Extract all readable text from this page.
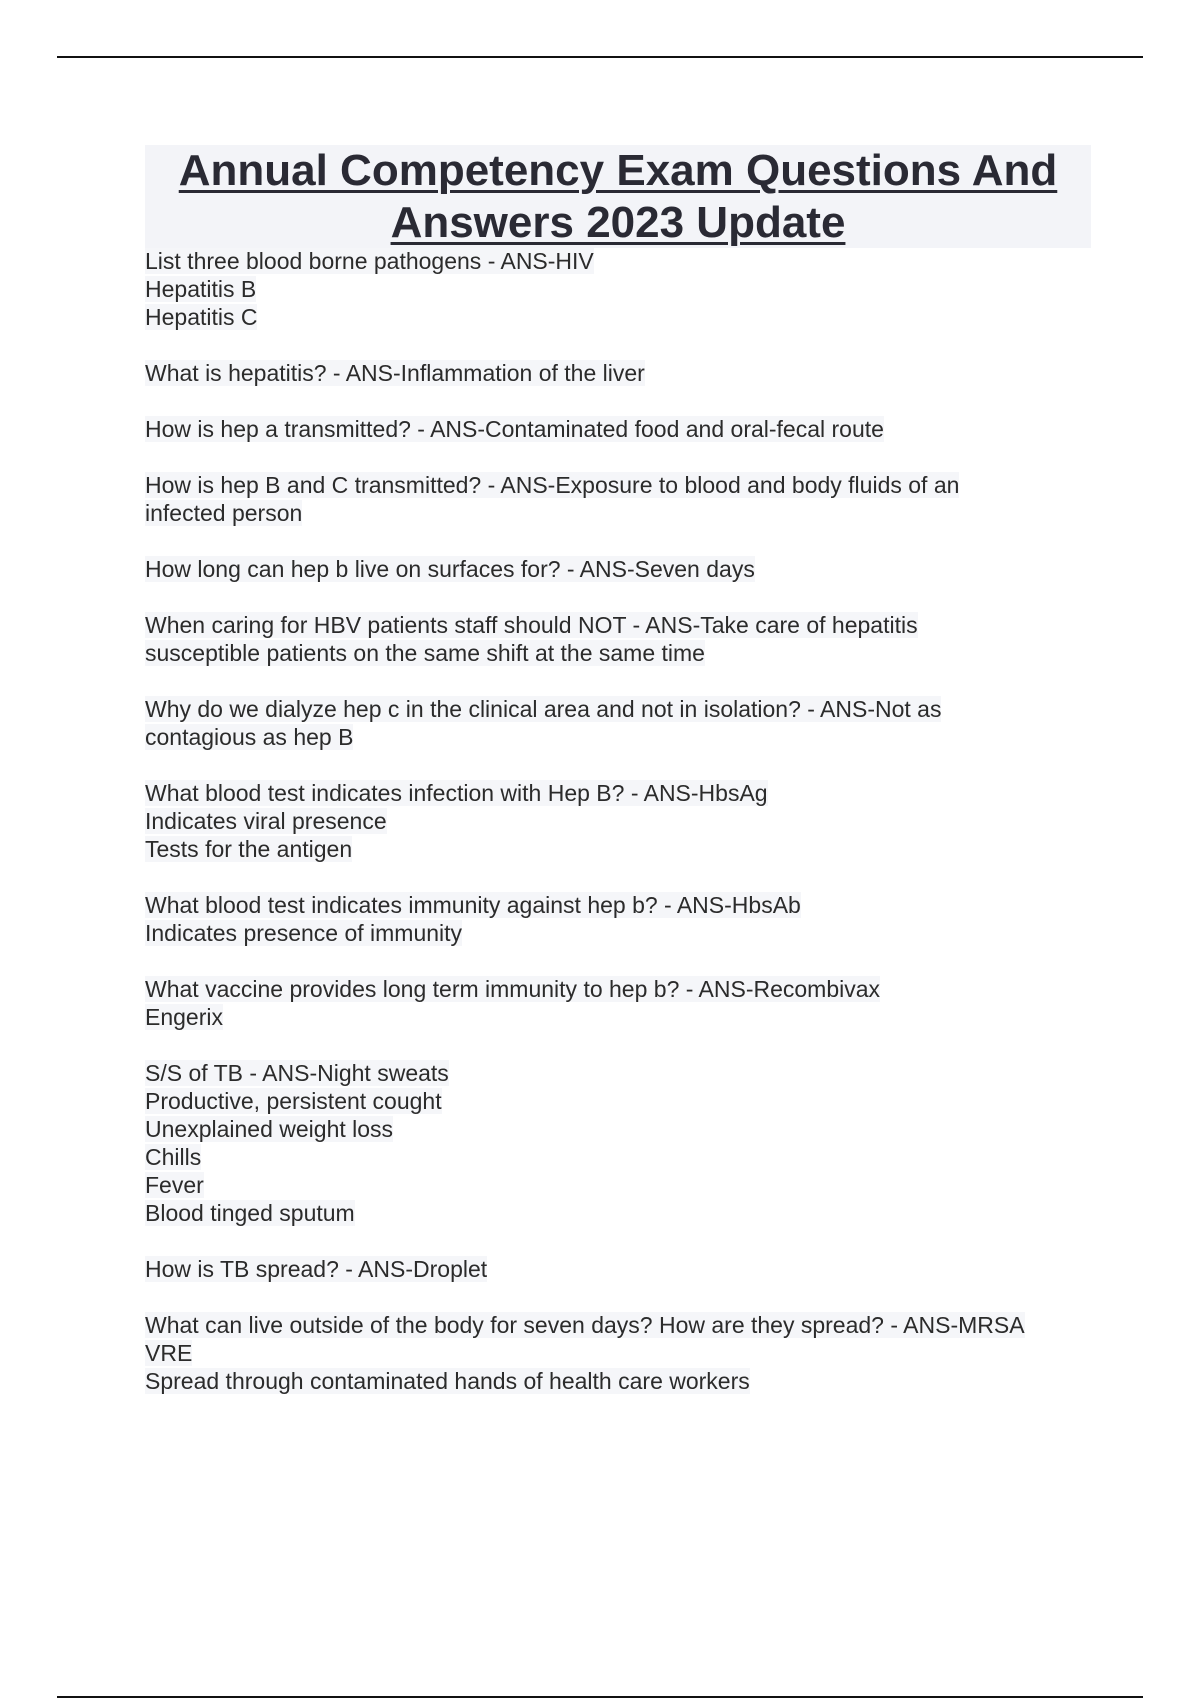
Annual Competency Exam Questions And
Answers 2023 Update

List three blood borne pathogens - ANS-HIV
Hepatitis B
Hepatitis C

What is hepatitis? - ANS-Inflammation of the liver

How is hep a transmitted? - ANS-Contaminated food and oral-fecal route

How is hep B and C transmitted? - ANS-Exposure to blood and body fluids of an
infected person

How long can hep b live on surfaces for? - ANS-Seven days

When caring for HBV patients staff should NOT - ANS-Take care of hepatitis
susceptible patients on the same shift at the same time

Why do we dialyze hep c in the clinical area and not in isolation? - ANS-Not as
contagious as hep B

What blood test indicates infection with Hep B? - ANS-HbsAg
Indicates viral presence
Tests for the antigen

What blood test indicates immunity against hep b? - ANS-HbsAb
Indicates presence of immunity

What vaccine provides long term immunity to hep b? - ANS-Recombivax
Engerix

S/S of TB - ANS-Night sweats
Productive, persistent cought
Unexplained weight loss
Chills
Fever
Blood tinged sputum

How is TB spread? - ANS-Droplet

What can live outside of the body for seven days? How are they spread? - ANS-MRSA
VRE
Spread through contaminated hands of health care workers
